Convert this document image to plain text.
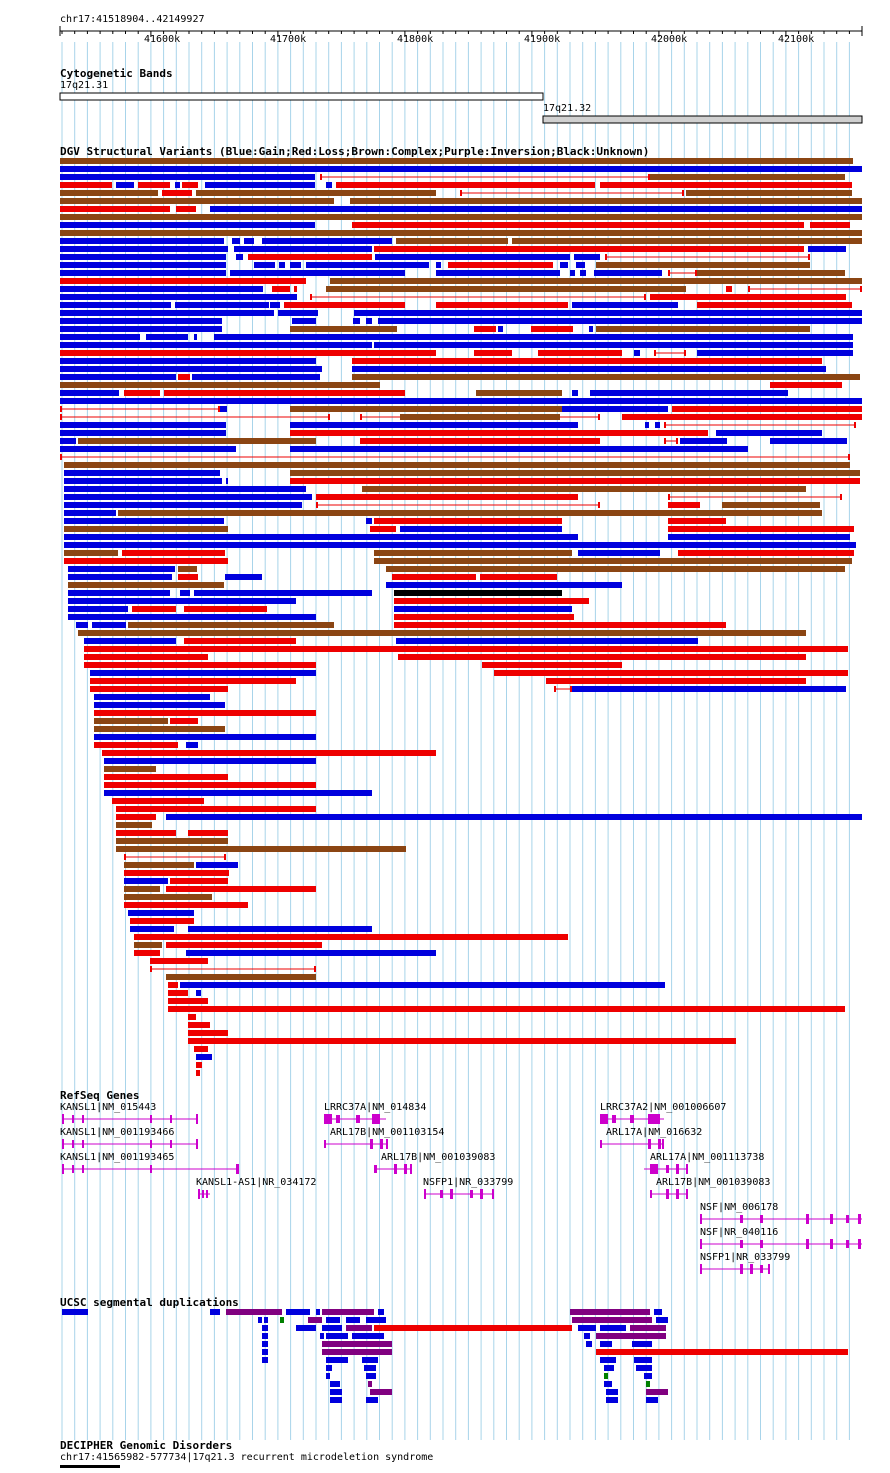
chr17:41518904..42149927
41600k	41700k	41800k	41900k	42000k	42100k
Cytogenetic Bands
17q21.31
17q21.32
DGV Structural Variants (Blue:Gain;Red:Loss;Brown:Complex;Purple:Inversion;Black:Unknown)
RefSeq Genes
KANSL1|NM_015443
KANSL1|NM_001193466
KANSL1|NM_001193465
KANSL1-AS1|NR_034172
LRRC37A|NM_014834
ARL17B|NM_001103154
ARL17B|NM_001039083
NSFP1|NR_033799
LRRC37A2|NM_001006607
ARL17A|NM_016632
ARL17A|NM_001113738
ARL17B|NM_001039083
NSF|NM_006178
NSF|NR_040116
NSFP1|NR_033799
UCSC segmental duplications
DECIPHER Genomic Disorders
chr17:41565982-577734|17q21.3 recurrent microdeletion syndrome
